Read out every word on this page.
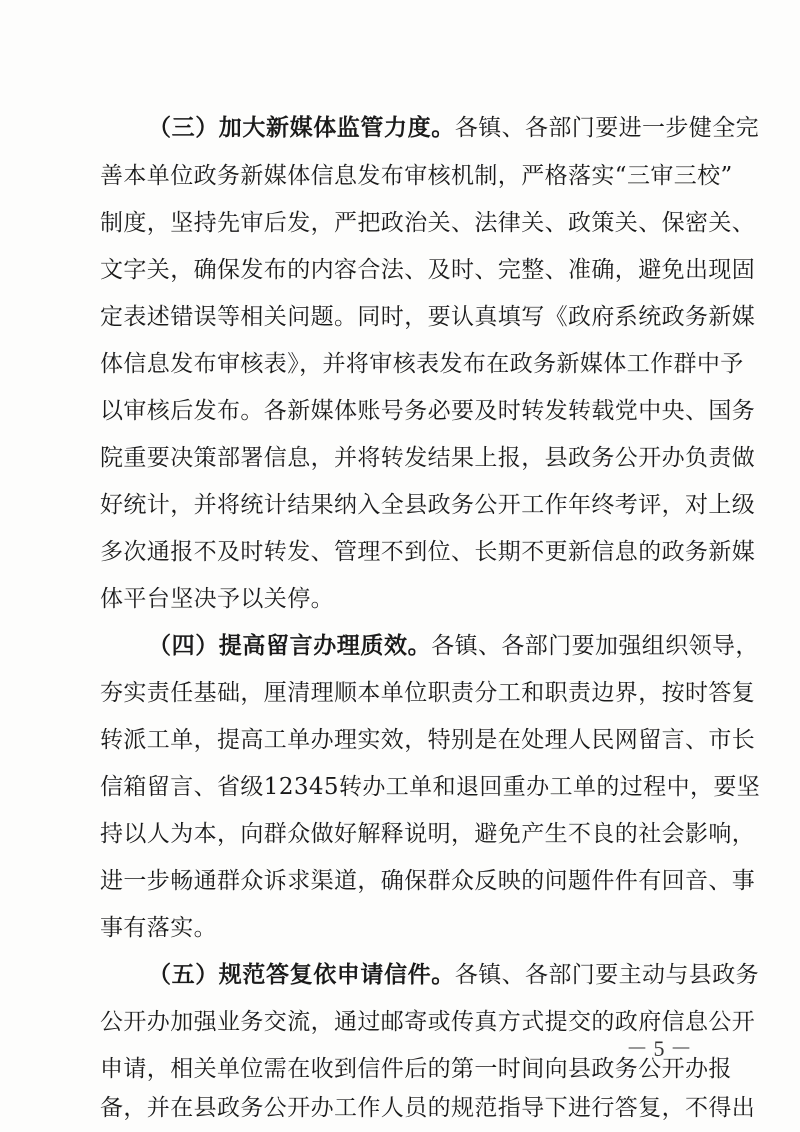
（三）加大新媒体监管力度。各镇、各部门要进一步健全完
善本单位政务新媒体信息发布审核机制，严格落实“三审三校”
制度，坚持先审后发，严把政治关、法律关、政策关、保密关、
文字关，确保发布的内容合法、及时、完整、准确，避免出现固
定表述错误等相关问题。同时，要认真填写《政府系统政务新媒
体信息发布审核表》，并将审核表发布在政务新媒体工作群中予
以审核后发布。各新媒体账号务必要及时转发转载党中央、国务
院重要决策部署信息，并将转发结果上报，县政务公开办负责做
好统计，并将统计结果纳入全县政务公开工作年终考评，对上级
多次通报不及时转发、管理不到位、长期不更新信息的政务新媒
体平台坚决予以关停。
（四）提高留言办理质效。各镇、各部门要加强组织领导，
夯实责任基础，厘清理顺本单位职责分工和职责边界，按时答复
转派工单，提高工单办理实效，特别是在处理人民网留言、市长
信箱留言、省级12345转办工单和退回重办工单的过程中，要坚
持以人为本，向群众做好解释说明，避免产生不良的社会影响，
进一步畅通群众诉求渠道，确保群众反映的问题件件有回音、事
事有落实。
（五）规范答复依申请信件。各镇、各部门要主动与县政务
公开办加强业务交流，通过邮寄或传真方式提交的政府信息公开
申请，相关单位需在收到信件后的第一时间向县政务公开办报
备，并在县政务公开办工作人员的规范指导下进行答复，不得出
－ 5 －
